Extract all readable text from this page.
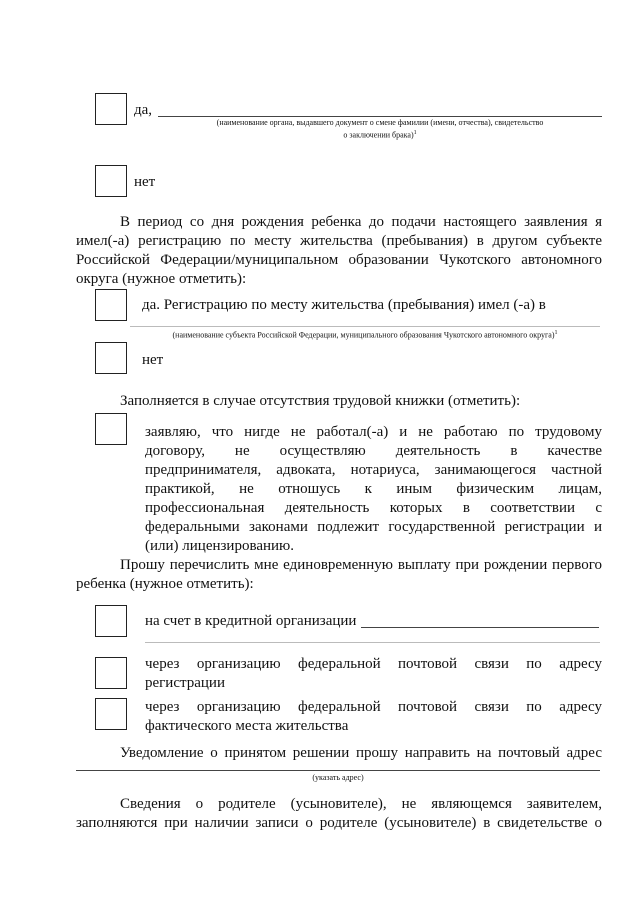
да,
(наименование органа, выдавшего документ о смене фамилии (имени, отчества), свидетельство
о заключении брака)$^1$
нет
В период со дня рождения ребенка до подачи настоящего заявления я
имел(-а) регистрацию по месту жительства (пребывания) в другом субъекте
Российской Федерации/муниципальном образовании Чукотского автономного
округа (нужное отметить):
да. Регистрацию по месту жительства (пребывания) имел (-а) в
(наименование субъекта Российской Федерации, муниципального образования Чукотского автономного округа)$^1$
нет
Заполняется в случае отсутствия трудовой книжки (отметить):
заявляю, что нигде не работал(-а) и не работаю по трудовому
договору, не осуществляю деятельность в качестве
предпринимателя, адвоката, нотариуса, занимающегося частной
практикой, не отношусь к иным физическим лицам,
профессиональная деятельность которых в соответствии с
федеральными законами подлежит государственной регистрации и
(или) лицензированию.
Прошу перечислить мне единовременную выплату при рождении первого
ребенка (нужное отметить):
на счет в кредитной организации
через организацию федеральной почтовой связи по адресу
регистрации
через организацию федеральной почтовой связи по адресу
фактического места жительства
Уведомление о принятом решении прошу направить на почтовый адрес
(указать адрес)
Сведения о родителе (усыновителе), не являющемся заявителем,
заполняются при наличии записи о родителе (усыновителе) в свидетельстве о
